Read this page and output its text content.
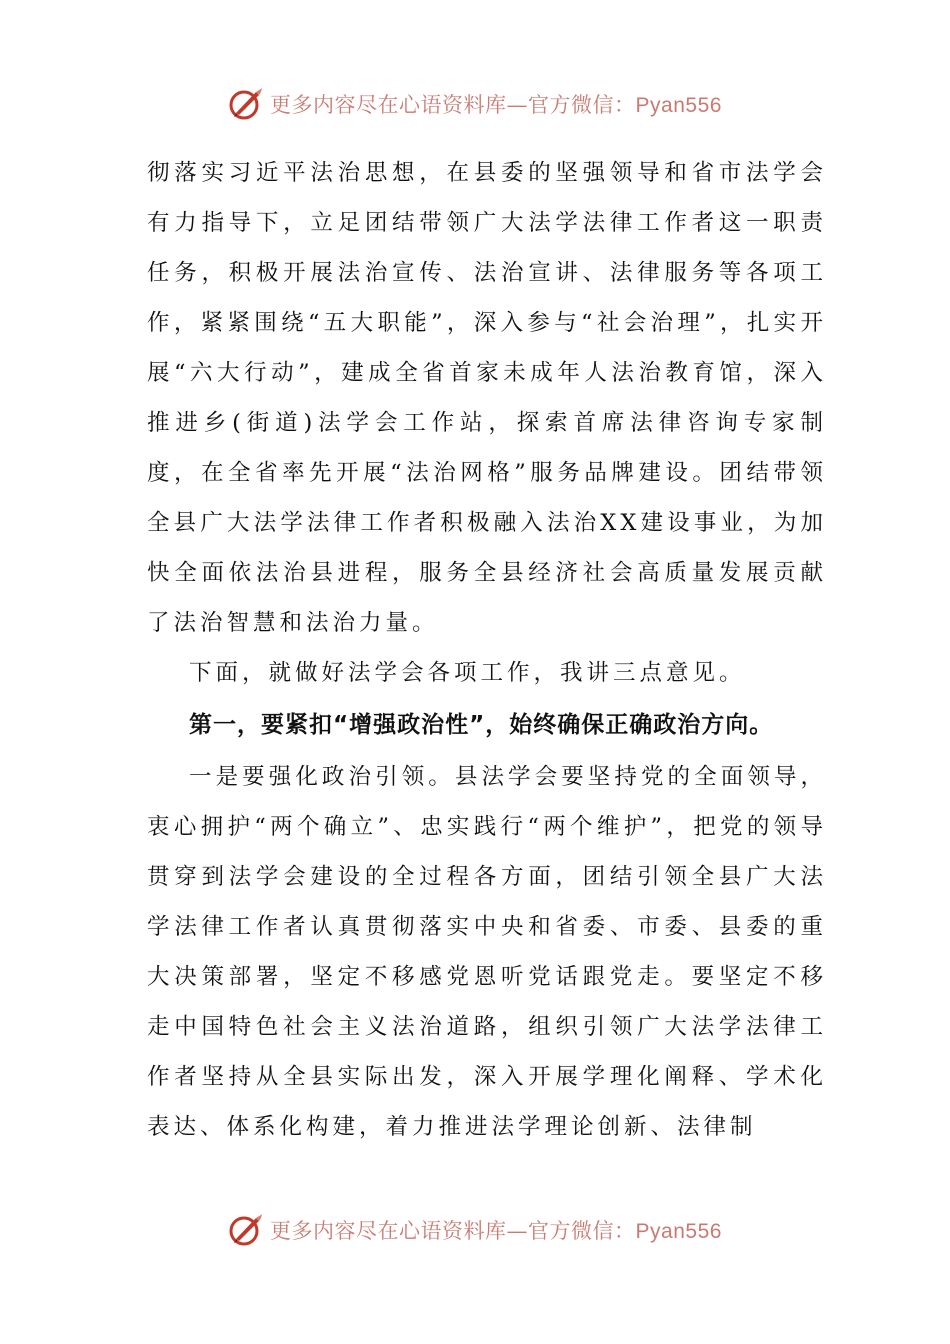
更多内容尽在心语资料库—官方微信：Pyan556

彻落实习近平法治思想，在县委的坚强领导和省市法学会有力指导下，立足团结带领广大法学法律工作者这一职责任务，积极开展法治宣传、法治宣讲、法律服务等各项工作，紧紧围绕“五大职能”，深入参与“社会治理”，扎实开展“六大行动”，建成全省首家未成年人法治教育馆，深入推进乡(街道)法学会工作站，探索首席法律咨询专家制度，在全省率先开展“法治网格”服务品牌建设。团结带领全县广大法学法律工作者积极融入法治XX建设事业，为加快全面依法治县进程，服务全县经济社会高质量发展贡献了法治智慧和法治力量。

下面，就做好法学会各项工作，我讲三点意见。

第一，要紧扣“增强政治性”，始终确保正确政治方向。

一是要强化政治引领。县法学会要坚持党的全面领导，衷心拥护“两个确立”、忠实践行“两个维护”，把党的领导贯穿到法学会建设的全过程各方面，团结引领全县广大法学法律工作者认真贯彻落实中央和省委、市委、县委的重大决策部署，坚定不移感党恩听党话跟党走。要坚定不移走中国特色社会主义法治道路，组织引领广大法学法律工作者坚持从全县实际出发，深入开展学理化阐释、学术化表达、体系化构建，着力推进法学理论创新、法律制

更多内容尽在心语资料库—官方微信：Pyan556
